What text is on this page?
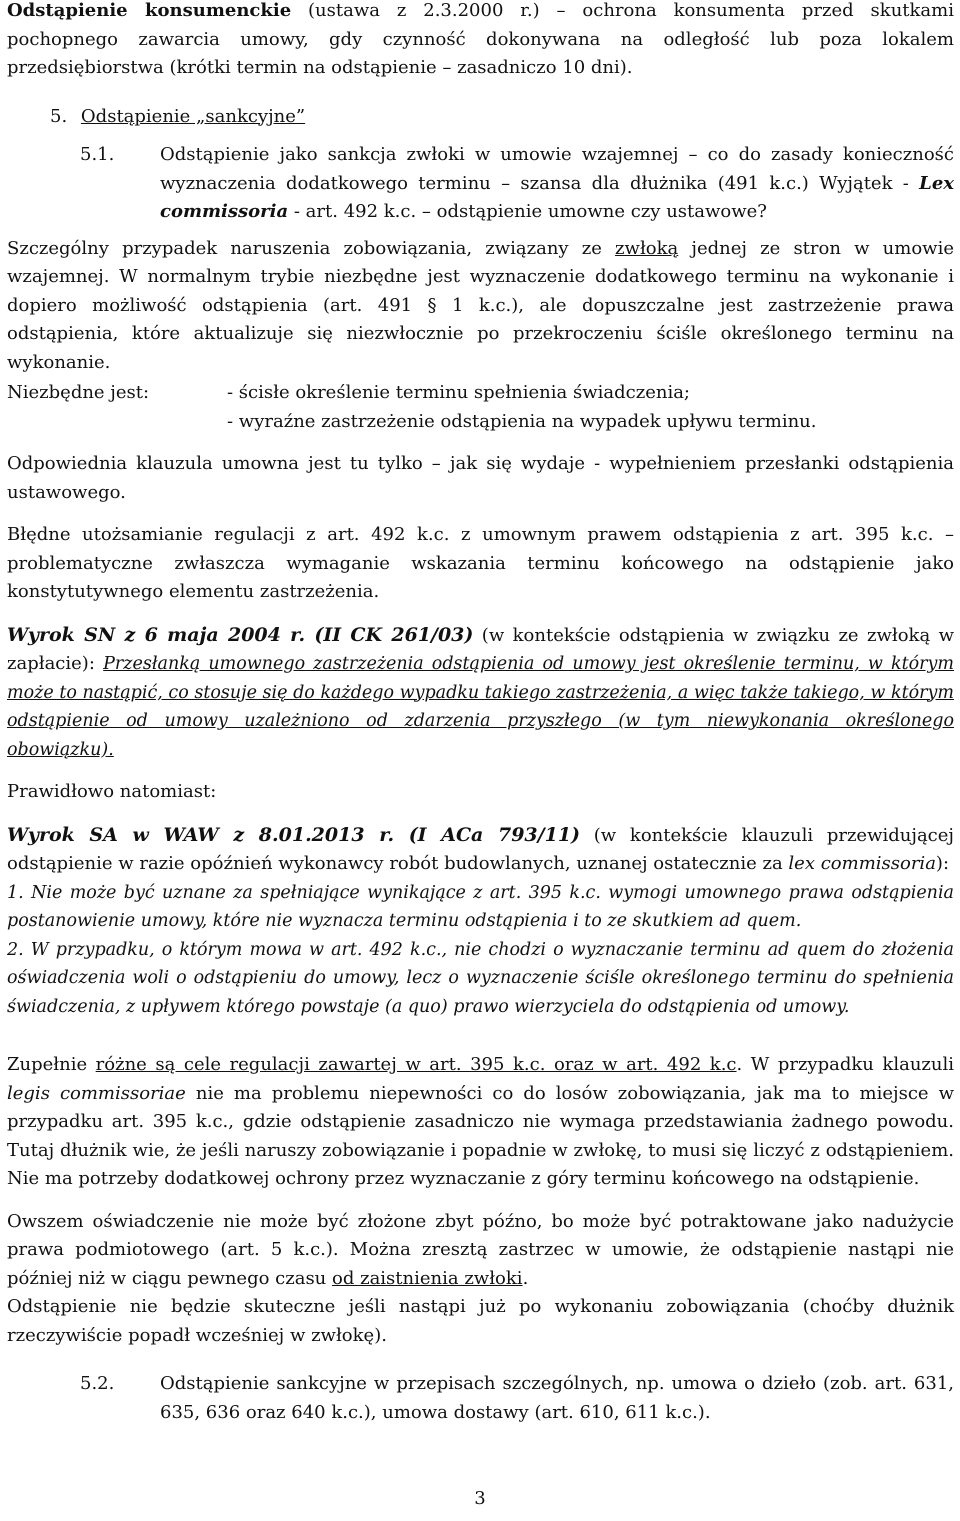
Odstąpienie konsumenckie (ustawa z 2.3.2000 r.) – ochrona konsumenta przed skutkami pochopnego zawarcia umowy, gdy czynność dokonywana na odległość lub poza lokalem przedsiębiorstwa (krótki termin na odstąpienie – zasadniczo 10 dni).

5. Odstąpienie „sankcyjne”
5.1.	Odstąpienie jako sankcja zwłoki w umowie wzajemnej – co do zasady konieczność wyznaczenia dodatkowego terminu – szansa dla dłużnika (491 k.c.) Wyjątek - Lex commissoria - art. 492 k.c. – odstąpienie umowne czy ustawowe?

Szczególny przypadek naruszenia zobowiązania, związany ze zwłoką jednej ze stron w umowie wzajemnej. W normalnym trybie niezbędne jest wyznaczenie dodatkowego terminu na wykonanie i dopiero możliwość odstąpienia (art. 491 § 1 k.c.), ale dopuszczalne jest zastrzeżenie prawa odstąpienia, które aktualizuje się niezwłocznie po przekroczeniu ściśle określonego terminu na wykonanie.

Niezbędne jest:	- ścisłe określenie terminu spełnienia świadczenia;
- wyraźne zastrzeżenie odstąpienia na wypadek upływu terminu.

Odpowiednia klauzula umowna jest tu tylko – jak się wydaje - wypełnieniem przesłanki odstąpienia ustawowego.

Błędne utożsamianie regulacji z art. 492 k.c. z umownym prawem odstąpienia z art. 395 k.c. – problematyczne zwłaszcza wymaganie wskazania terminu końcowego na odstąpienie jako konstytutywnego elementu zastrzeżenia.

Wyrok SN z 6 maja 2004 r. (II CK 261/03) (w kontekście odstąpienia w związku ze zwłoką w zapłacie): Przesłanką umownego zastrzeżenia odstąpienia od umowy jest określenie terminu, w którym może to nastąpić, co stosuje się do każdego wypadku takiego zastrzeżenia, a więc także takiego, w którym odstąpienie od umowy uzależniono od zdarzenia przyszłego (w tym niewykonania określonego obowiązku).

Prawidłowo natomiast:

Wyrok SA w WAW z 8.01.2013 r. (I ACa 793/11) (w kontekście klauzuli przewidującej odstąpienie w razie opóźnień wykonawcy robót budowlanych, uznanej ostatecznie za lex commissoria):

1. Nie może być uznane za spełniające wynikające z art. 395 k.c. wymogi umownego prawa odstąpienia postanowienie umowy, które nie wyznacza terminu odstąpienia i to ze skutkiem ad quem.

2. W przypadku, o którym mowa w art. 492 k.c., nie chodzi o wyznaczanie terminu ad quem do złożenia oświadczenia woli o odstąpieniu do umowy, lecz o wyznaczenie ściśle określonego terminu do spełnienia świadczenia, z upływem którego powstaje (a quo) prawo wierzyciela do odstąpienia od umowy.

Zupełnie różne są cele regulacji zawartej w art. 395 k.c. oraz w art. 492 k.c. W przypadku klauzuli legis commissoriae nie ma problemu niepewności co do losów zobowiązania, jak ma to miejsce w przypadku art. 395 k.c., gdzie odstąpienie zasadniczo nie wymaga przedstawiania żadnego powodu. Tutaj dłużnik wie, że jeśli naruszy zobowiązanie i popadnie w zwłokę, to musi się liczyć z odstąpieniem. Nie ma potrzeby dodatkowej ochrony przez wyznaczanie z góry terminu końcowego na odstąpienie.

Owszem oświadczenie nie może być złożone zbyt późno, bo może być potraktowane jako nadużycie prawa podmiotowego (art. 5 k.c.). Można zresztą zastrzec w umowie, że odstąpienie nastąpi nie później niż w ciągu pewnego czasu od zaistnienia zwłoki.

Odstąpienie nie będzie skuteczne jeśli nastąpi już po wykonaniu zobowiązania (choćby dłużnik rzeczywiście popadł wcześniej w zwłokę).

5.2.	Odstąpienie sankcyjne w przepisach szczególnych, np. umowa o dzieło (zob. art. 631, 635, 636 oraz 640 k.c.), umowa dostawy (art. 610, 611 k.c.).

3
